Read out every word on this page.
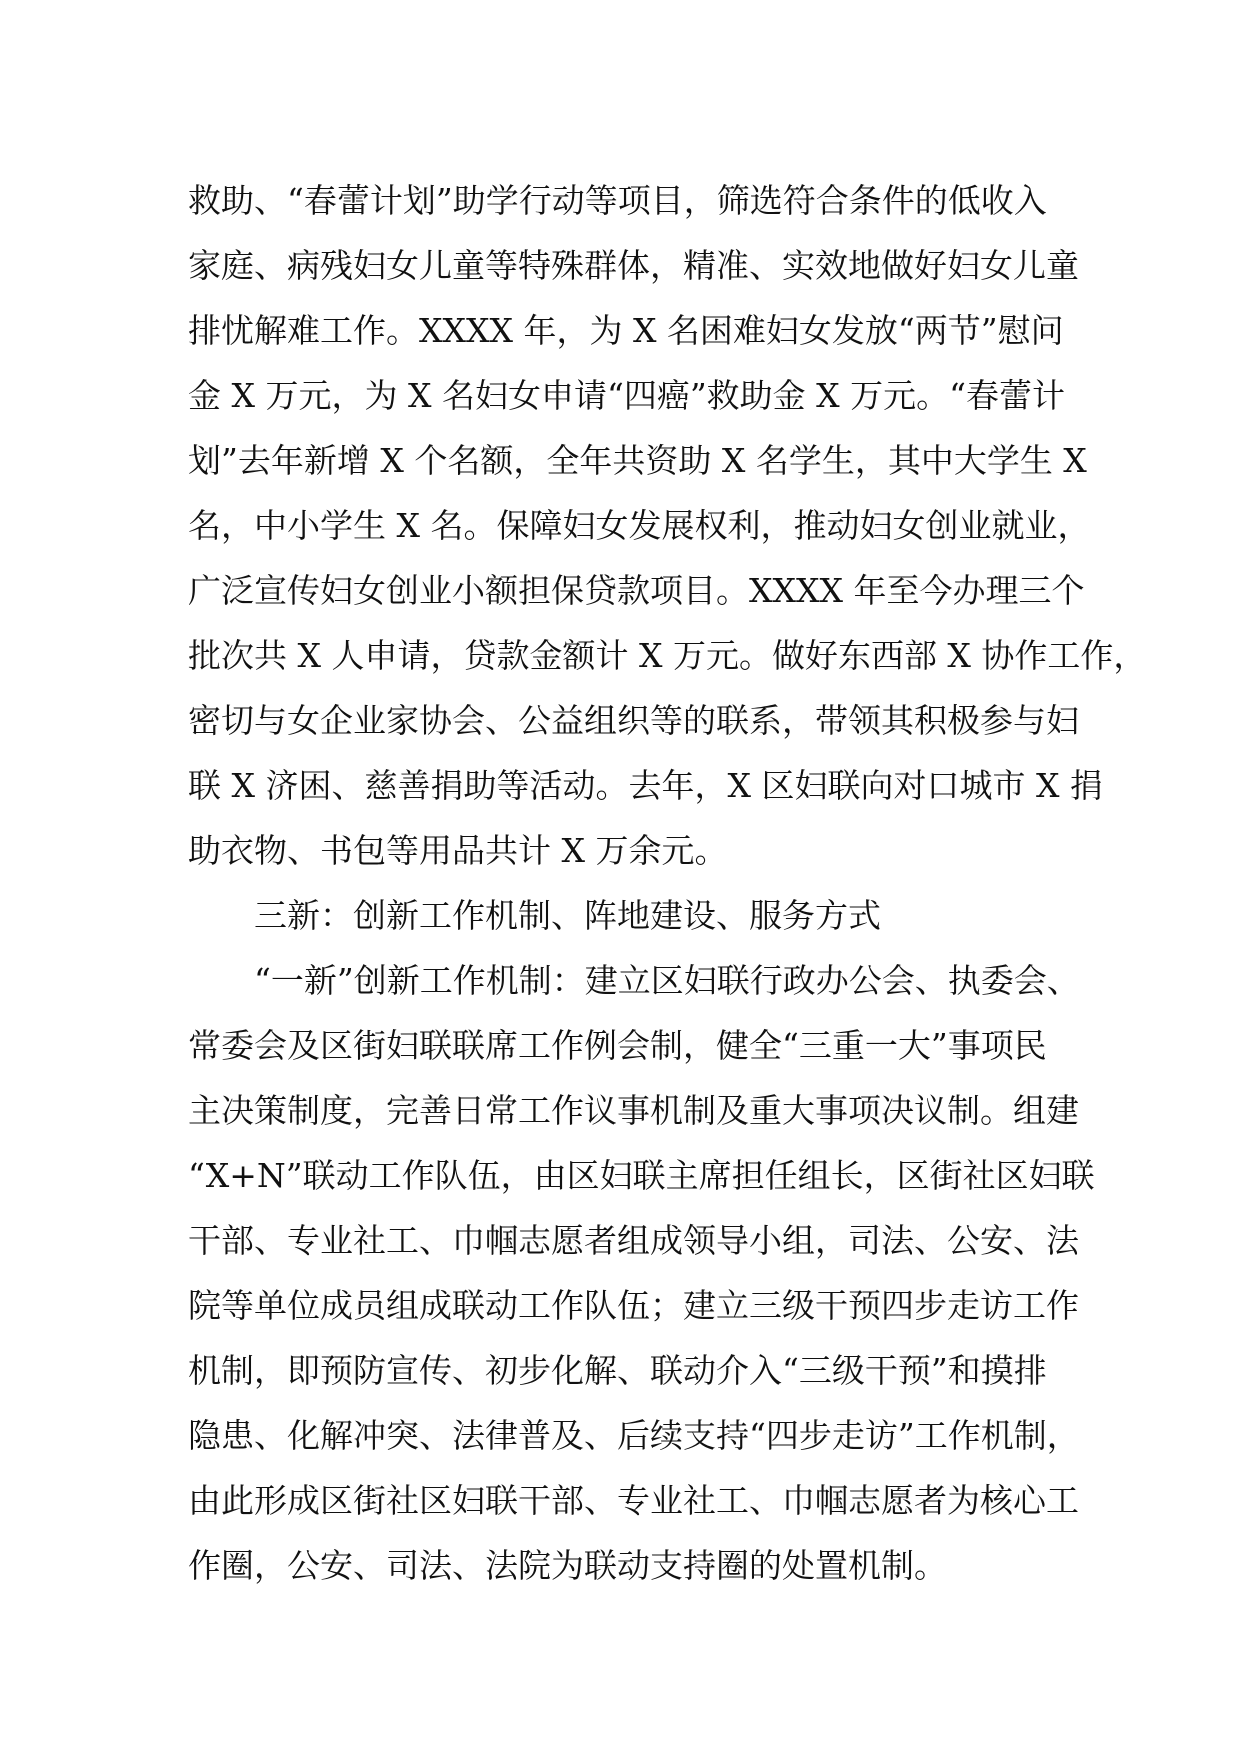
救助、“春蕾计划”助学行动等项目，筛选符合条件的低收入
家庭、病残妇女儿童等特殊群体，精准、实效地做好妇女儿童
排忧解难工作。XXXX 年，为 X 名困难妇女发放“两节”慰问
金 X 万元，为 X 名妇女申请“四癌”救助金 X 万元。“春蕾计
划”去年新增 X 个名额，全年共资助 X 名学生，其中大学生 X
名，中小学生 X 名。保障妇女发展权利，推动妇女创业就业，
广泛宣传妇女创业小额担保贷款项目。XXXX 年至今办理三个
批次共 X 人申请，贷款金额计 X 万元。做好东西部 X 协作工作，
密切与女企业家协会、公益组织等的联系，带领其积极参与妇
联 X 济困、慈善捐助等活动。去年，X 区妇联向对口城市 X 捐
助衣物、书包等用品共计 X 万余元。
三新：创新工作机制、阵地建设、服务方式
“一新”创新工作机制：建立区妇联行政办公会、执委会、
常委会及区街妇联联席工作例会制，健全“三重一大”事项民
主决策制度，完善日常工作议事机制及重大事项决议制。组建
“X+N”联动工作队伍，由区妇联主席担任组长，区街社区妇联
干部、专业社工、巾帼志愿者组成领导小组，司法、公安、法
院等单位成员组成联动工作队伍；建立三级干预四步走访工作
机制，即预防宣传、初步化解、联动介入“三级干预”和摸排
隐患、化解冲突、法律普及、后续支持“四步走访”工作机制，
由此形成区街社区妇联干部、专业社工、巾帼志愿者为核心工
作圈，公安、司法、法院为联动支持圈的处置机制。
